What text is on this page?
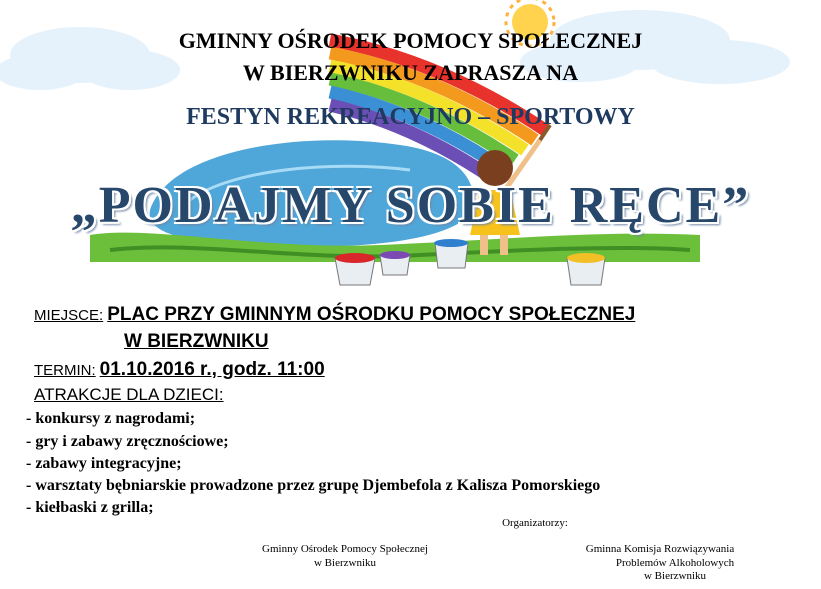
GMINNY OŚRODEK POMOCY SPOŁECZNEJ
W BIERZWNIKU ZAPRASZA NA
FESTYN REKREACYJNO – SPORTOWY
„PODAJMY SOBIE RĘCE”
MIEJSCE: PLAC PRZY GMINNYM OŚRODKU POMOCY SPOŁECZNEJ
W BIERZWNIKU
TERMIN: 01.10.2016 r., godz. 11:00
ATRAKCJE DLA DZIECI:
- konkursy z nagrodami;
- gry i zabawy zręcznościowe;
- zabawy integracyjne;
- warsztaty bębniarskie prowadzone przez grupę Djembefola z Kalisza Pomorskiego
- kiełbaski z grilla;
Organizatorzy:
Gminny Ośrodek Pomocy Społecznej
w Bierzwniku
Gminna Komisja Rozwiązywania
Problemów Alkoholowych
w Bierzwniku
